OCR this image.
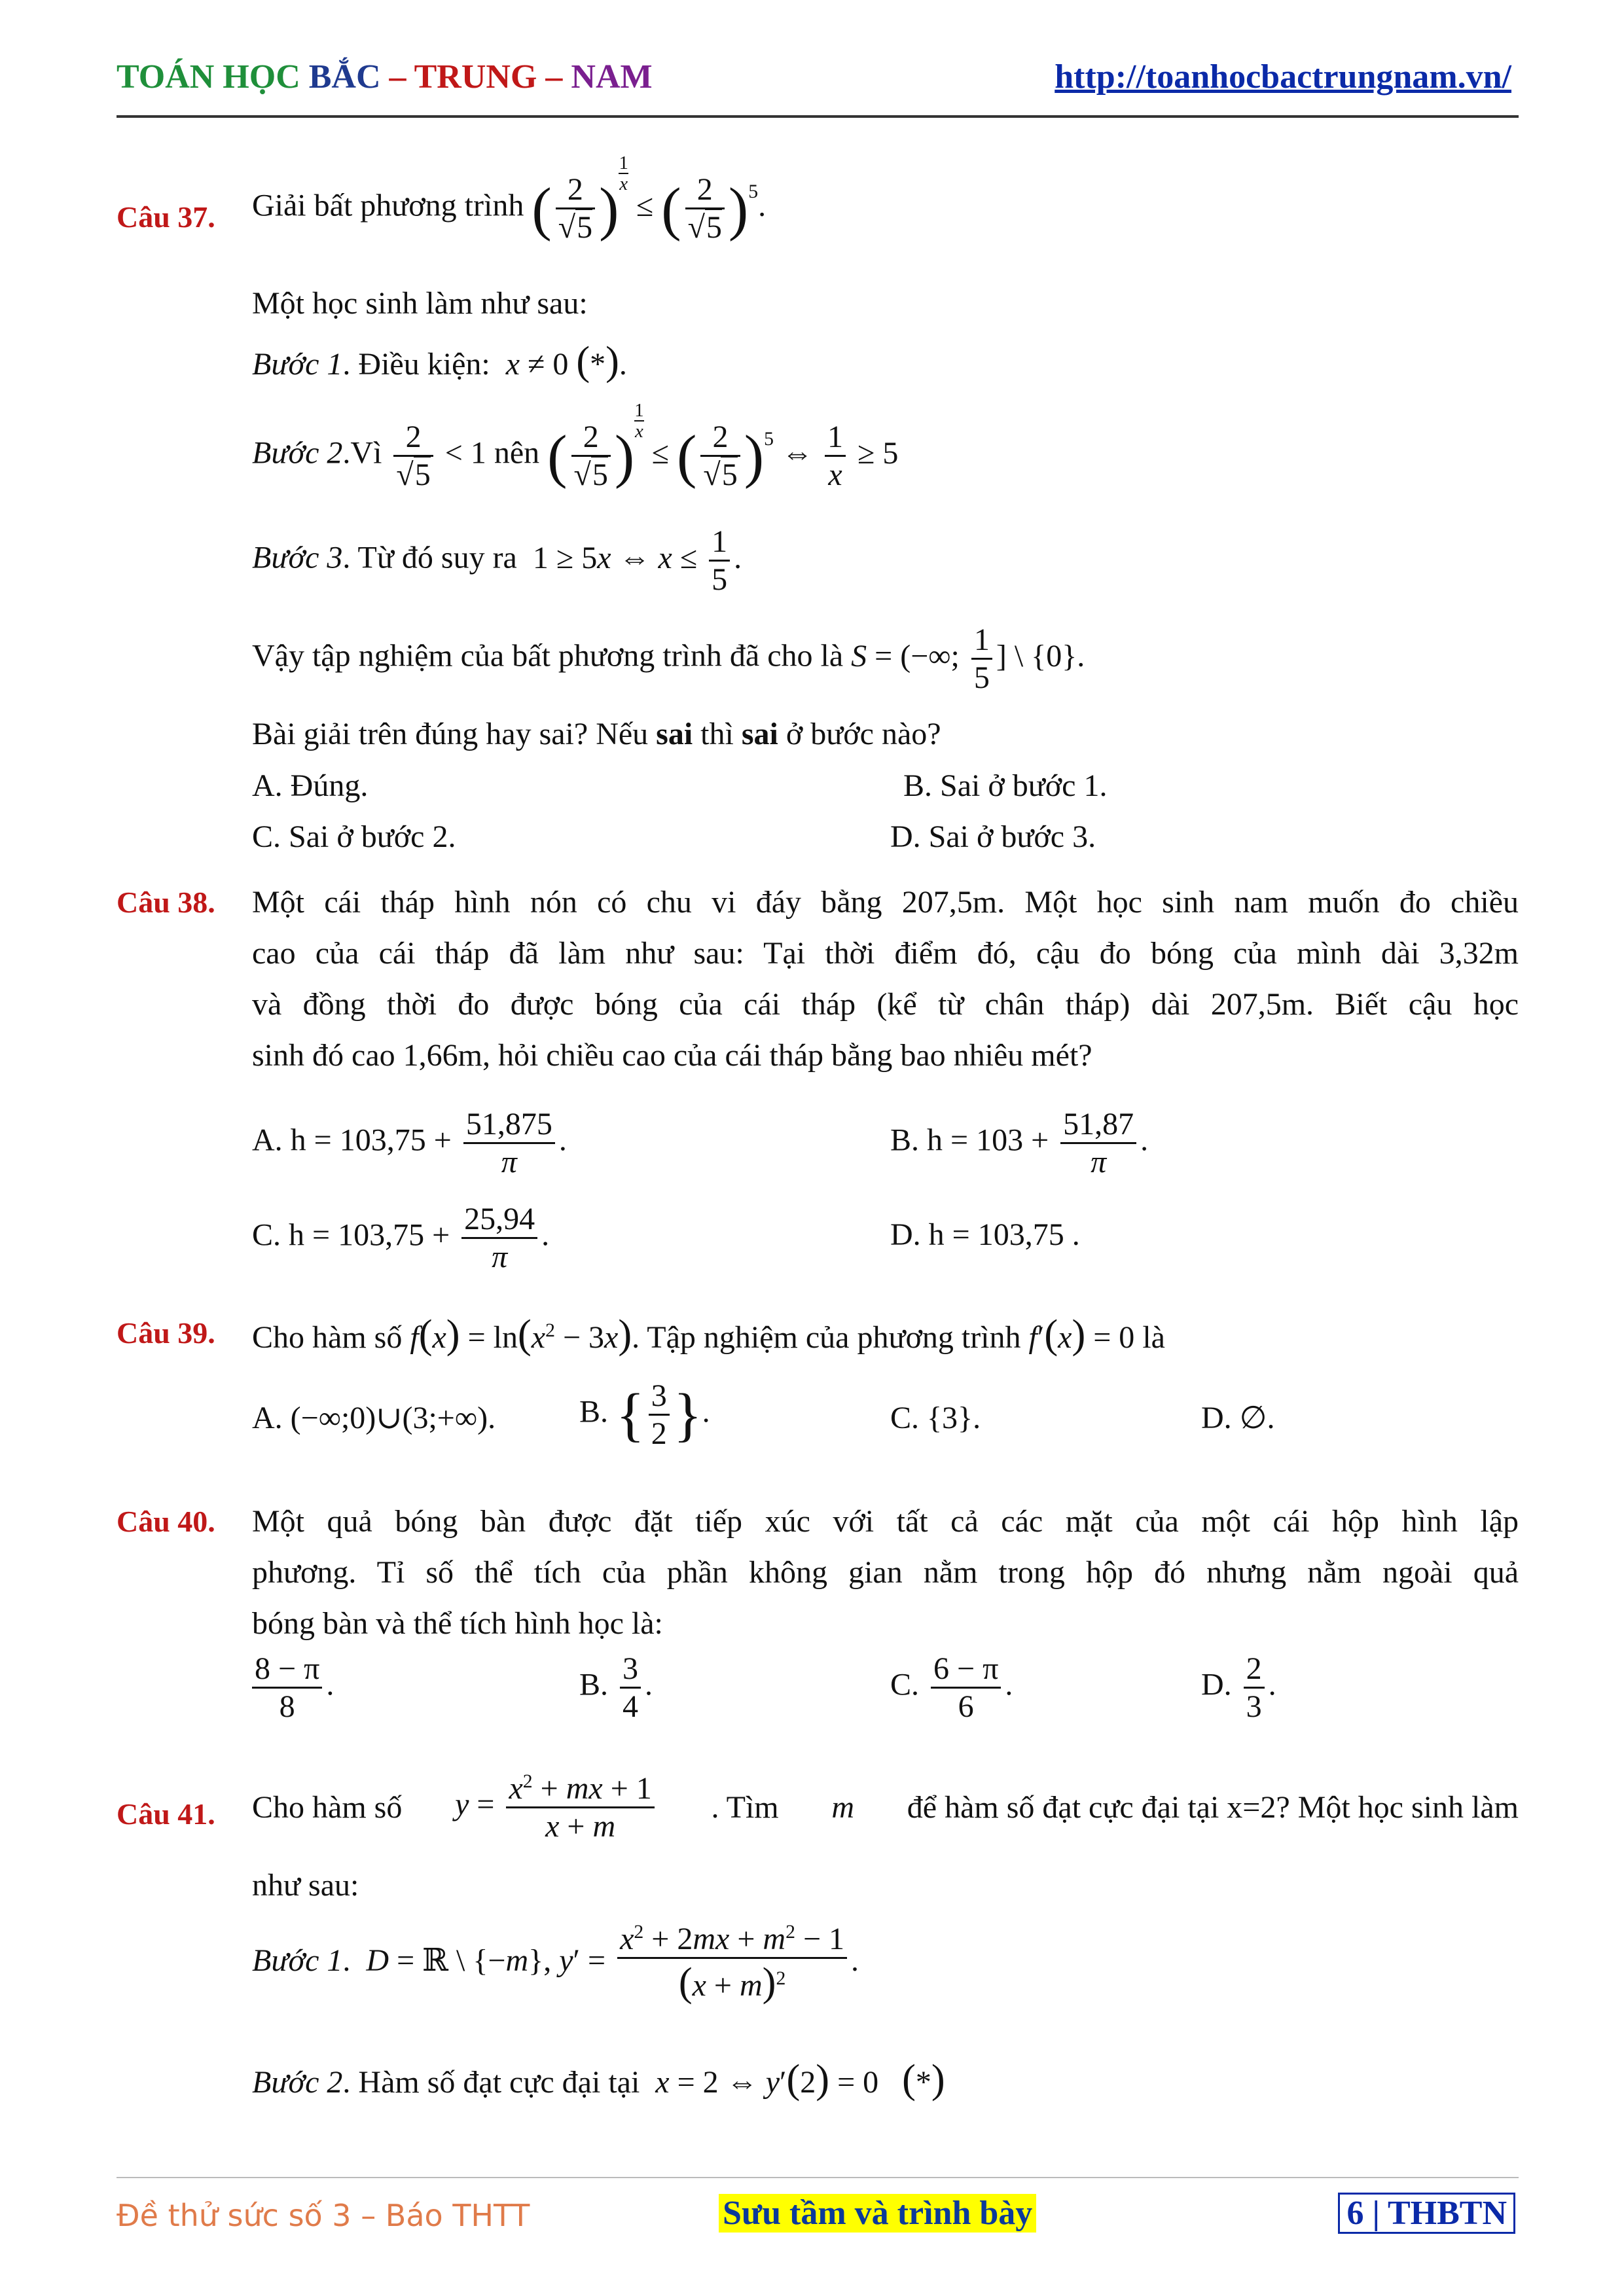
TOÁN HỌC BẮC – TRUNG – NAM	http://toanhocbactrungnam.vn/
Câu 37. Giải bất phương trình ( $\frac{2}{√5}$ )
$\frac{1}{x}$
≤ ( $\frac{2}{√5} )^5$.
Một học sinh làm như sau:
Bước 1. Điều kiện:  x ≠ 0 (*).
Bước 2.Vì $\frac{2}{√5} < 1$ nên ( $\frac{2}{√5}$ )
$\frac{1}{x}$
≤ ( $\frac{2}{√5} )^5$ ⇔ $\frac{1}{x} \ge 5$
Bước 3. Từ đó suy ra  1 ≥ 5x ⇔ $x \le \frac{1}{5}$ .
Vậy tập nghiệm của bất phương trình đã cho là S = (−∞; $\frac{1}{5}$ ] \ {0}.
Bài giải trên đúng hay sai? Nếu sai thì sai ở bước nào?
A. Đúng.	B. Sai ở bước 1.
C. Sai ở bước 2.	D. Sai ở bước 3.
Câu 38. Một cái tháp hình nón có chu vi đáy bằng 207,5m. Một học sinh nam muốn đo chiều
cao của cái tháp đã làm như sau: Tại thời điểm đó, cậu đo bóng của mình dài 3,32m
và đồng thời đo được bóng của cái tháp (kể từ chân tháp) dài 207,5m. Biết cậu học
sinh đó cao 1,66m, hỏi chiều cao của cái tháp bằng bao nhiêu mét?
A. $h = 103,75 + \frac{51,875}{\pi}$ .	B. $h = 103 + \frac{51,87}{\pi}$ .
C. $h = 103,75 + \frac{25,94}{\pi}$ .	D. h = 103,75 .
Câu 39. Cho hàm số $f(x) = \ln(x^2 - 3x)$. Tập nghiệm của phương trình f′(x) = 0 là
A. (−∞;0)∪(3;+∞).	B. { $\frac{3}{2}$ }.	C. {3}.	D. ∅.
Câu 40. Một quả bóng bàn được đặt tiếp xúc với tất cả các mặt của một cái hộp hình lập
phương. Tỉ số thể tích của phần không gian nằm trong hộp đó nhưng nằm ngoài quả
bóng bàn và thể tích hình học là:
$\frac{8 - \pi}{8}$ .	B. $\frac{3}{4}$ .	C. $\frac{6 - \pi}{6}$ .	D. $\frac{2}{3}$ .
Câu 41. Cho hàm số $y = \frac{x^2 + mx + 1}{x + m}$ . Tìm m để hàm số đạt cực đại tại x=2? Một học sinh làm
như sau:
Bước 1.  D = ℝ \ {−m}, $y' = \frac{x^2 + 2mx + m^2 - 1}{(x + m)^2}$ .
Bước 2. Hàm số đạt cực đại tại  x = 2 ⇔ y′(2) = 0 (*)
Đề thử sức số 3 – Báo THTT	Sưu tầm và trình bày	6 | THBTN
